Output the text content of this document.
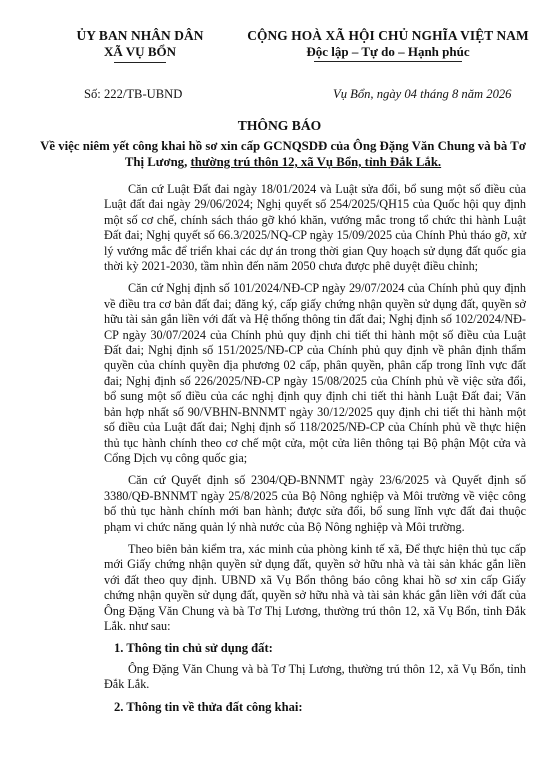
ỦY BAN NHÂN DÂN
XÃ VỤ BỔN
CỘNG HOÀ XÃ HỘI CHỦ NGHĨA VIỆT NAM
Độc lập – Tự do – Hạnh phúc
Số: 222/TB-UBND	Vụ Bổn, ngày 04 tháng 8 năm 2026
THÔNG BÁO
Về việc niêm yết công khai hồ sơ xin cấp GCNQSDĐ của Ông Đặng Văn Chung và bà Tơ Thị Lương, thường trú thôn 12, xã Vụ Bổn, tỉnh Đắk Lắk.

Căn cứ Luật Đất đai ngày 18/01/2024 và Luật sửa đổi, bổ sung một số điều của Luật đất đai ngày 29/06/2024; Nghị quyết số 254/2025/QH15 của Quốc hội quy định một số cơ chế, chính sách tháo gỡ khó khăn, vướng mắc trong tổ chức thi hành Luật Đất đai; Nghị quyết số 66.3/2025/NQ-CP ngày 15/09/2025 của Chính Phủ tháo gỡ, xử lý vướng mắc để triển khai các dự án trong thời gian Quy hoạch sử dụng đất quốc gia thời kỳ 2021-2030, tầm nhìn đến năm 2050 chưa được phê duyệt điều chỉnh;

Căn cứ Nghị định số 101/2024/NĐ-CP ngày 29/07/2024 của Chính phủ quy định về điều tra cơ bản đất đai; đăng ký, cấp giấy chứng nhận quyền sử dụng đất, quyền sở hữu tài sản gắn liền với đất và Hệ thống thông tin đất đai; Nghị định số 102/2024/NĐ-CP ngày 30/07/2024 của Chính phủ quy định chi tiết thi hành một số điều của Luật Đất đai; Nghị định số 151/2025/NĐ-CP của Chính phủ quy định về phân định thẩm quyền của chính quyền địa phương 02 cấp, phân quyền, phân cấp trong lĩnh vực đất đai; Nghị định số 226/2025/NĐ-CP ngày 15/08/2025 của Chính phủ về việc sửa đổi, bổ sung một số điều của các nghị định quy định chi tiết thi hành Luật Đất đai; Văn bản hợp nhất số 90/VBHN-BNNMT ngày 30/12/2025 quy định chi tiết thi hành một số điều của Luật đất đai; Nghị định số 118/2025/NĐ-CP của Chính phủ về thực hiện thủ tục hành chính theo cơ chế một cửa, một cửa liên thông tại Bộ phận Một cửa và Cổng Dịch vụ công quốc gia;

Căn cứ Quyết định số 2304/QĐ-BNNMT ngày 23/6/2025 và Quyết định số 3380/QĐ-BNNMT ngày 25/8/2025 của Bộ Nông nghiệp và Môi trường về việc công bố thủ tục hành chính mới ban hành; được sửa đổi, bổ sung lĩnh vực đất đai thuộc phạm vi chức năng quản lý nhà nước của Bộ Nông nghiệp và Môi trường.

Theo biên bản kiểm tra, xác minh của phòng kinh tế xã, Để thực hiện thủ tục cấp mới Giấy chứng nhận quyền sử dụng đất, quyền sở hữu nhà và tài sản khác gắn liền với đất theo quy định. UBND xã Vụ Bổn thông báo công khai hồ sơ xin cấp Giấy chứng nhận quyền sử dụng đất, quyền sở hữu nhà và tài sản khác gắn liền với đất của Ông Đặng Văn Chung và bà Tơ Thị Lương, thường trú thôn 12, xã Vụ Bổn, tỉnh Đắk Lắk. như sau:

1. Thông tin chủ sử dụng đất:

Ông Đặng Văn Chung và bà Tơ Thị Lương, thường trú thôn 12, xã Vụ Bổn, tỉnh Đắk Lắk.

2. Thông tin về thửa đất công khai:
